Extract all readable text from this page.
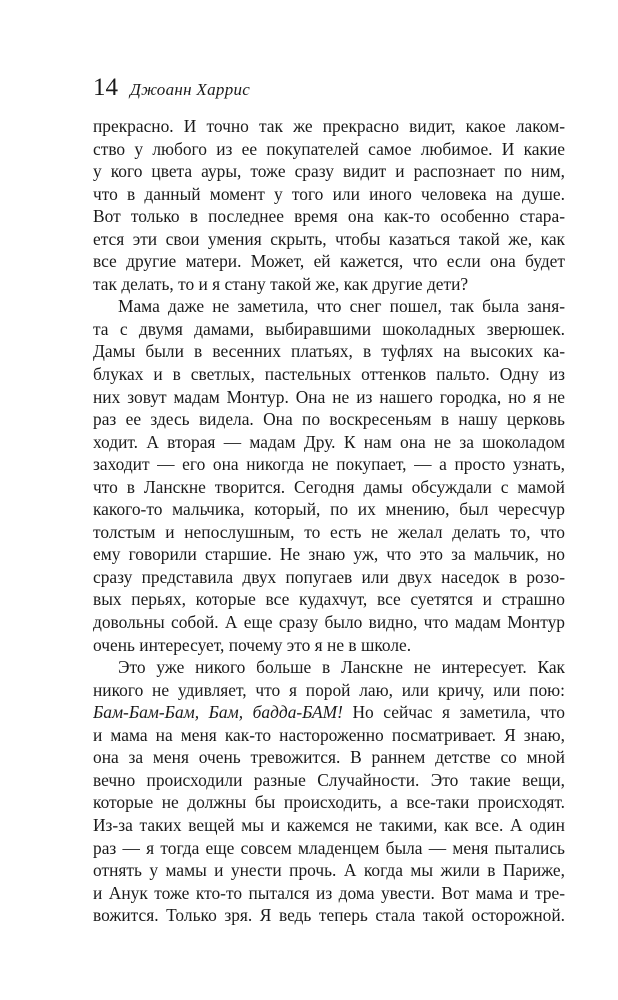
14 Джоанн Харрис
прекрасно. И точно так же прекрасно видит, какое лаком-
ство у любого из ее покупателей самое любимое. И какие
у кого цвета ауры, тоже сразу видит и распознает по ним,
что в данный момент у того или иного человека на душе.
Вот только в последнее время она как-то особенно стара-
ется эти свои умения скрыть, чтобы казаться такой же, как
все другие матери. Может, ей кажется, что если она будет
так делать, то и я стану такой же, как другие дети?
Мама даже не заметила, что снег пошел, так была заня-
та с двумя дамами, выбиравшими шоколадных зверюшек.
Дамы были в весенних платьях, в туфлях на высоких ка-
блуках и в светлых, пастельных оттенков пальто. Одну из
них зовут мадам Монтур. Она не из нашего городка, но я не
раз ее здесь видела. Она по воскресеньям в нашу церковь
ходит. А вторая — мадам Дру. К нам она не за шоколадом
заходит — его она никогда не покупает, — а просто узнать,
что в Ланскне творится. Сегодня дамы обсуждали с мамой
какого-то мальчика, который, по их мнению, был чересчур
толстым и непослушным, то есть не желал делать то, что
ему говорили старшие. Не знаю уж, что это за мальчик, но
сразу представила двух попугаев или двух наседок в розо-
вых перьях, которые все кудахчут, все суетятся и страшно
довольны собой. А еще сразу было видно, что мадам Монтур
очень интересует, почему это я не в школе.
Это уже никого больше в Ланскне не интересует. Как
никого не удивляет, что я порой лаю, или кричу, или пою:
Бам-Бам-Бам, Бам, бадда-БАМ! Но сейчас я заметила, что
и мама на меня как-то настороженно посматривает. Я знаю,
она за меня очень тревожится. В раннем детстве со мной
вечно происходили разные Случайности. Это такие вещи,
которые не должны бы происходить, а все-таки происходят.
Из-за таких вещей мы и кажемся не такими, как все. А один
раз — я тогда еще совсем младенцем была — меня пытались
отнять у мамы и унести прочь. А когда мы жили в Париже,
и Анук тоже кто-то пытался из дома увести. Вот мама и тре-
вожится. Только зря. Я ведь теперь стала такой осторожной.
